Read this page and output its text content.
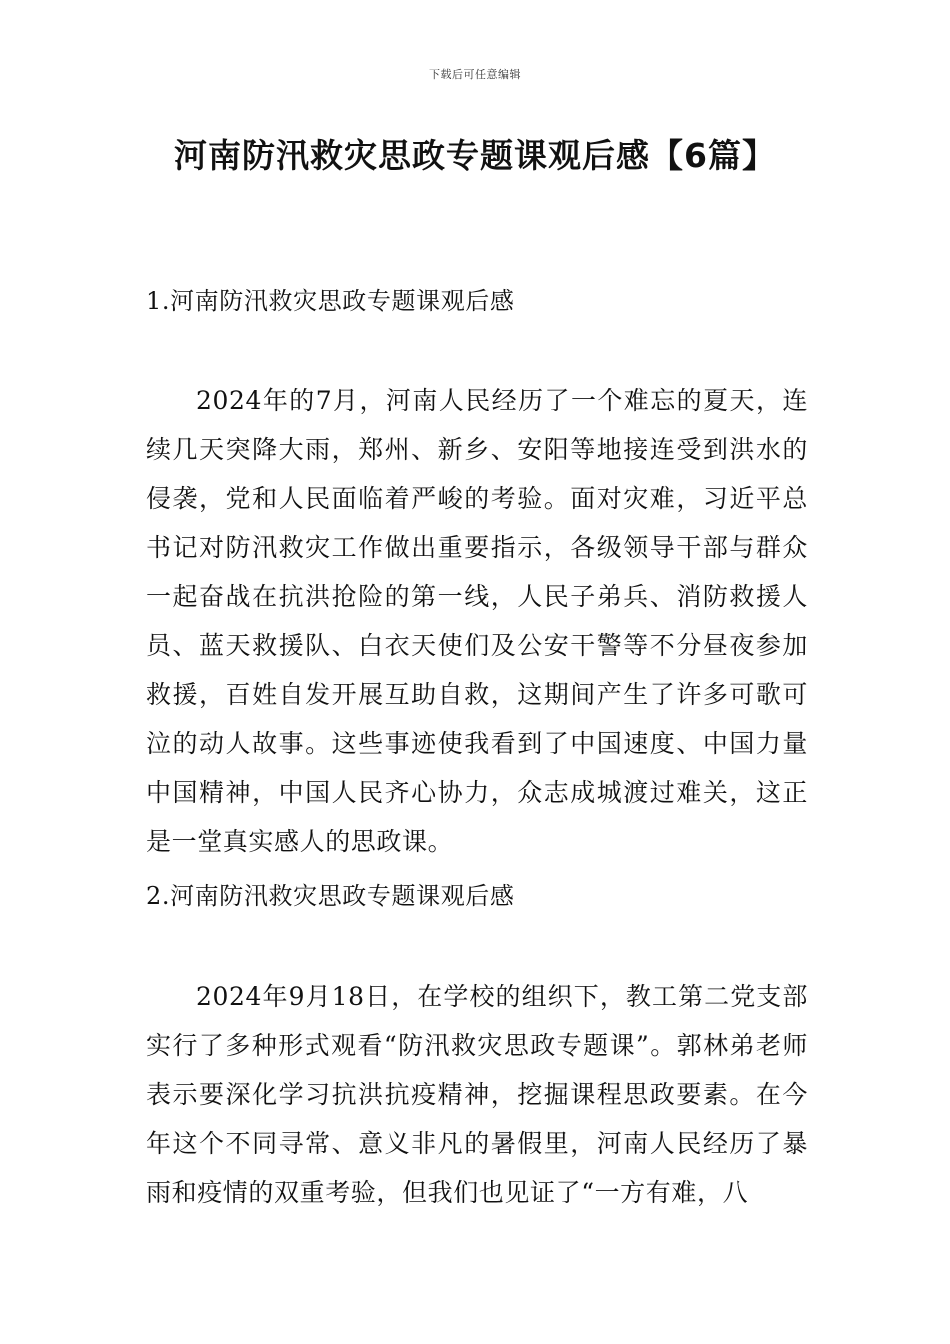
下载后可任意编辑
河南防汛救灾思政专题课观后感【6篇】

1.河南防汛救灾思政专题课观后感

2024年的7月，河南人民经历了一个难忘的夏天，连续几天突降大雨，郑州、新乡、安阳等地接连受到洪水的侵袭，党和人民面临着严峻的考验。面对灾难，习近平总书记对防汛救灾工作做出重要指示，各级领导干部与群众一起奋战在抗洪抢险的第一线，人民子弟兵、消防救援人员、蓝天救援队、白衣天使们及公安干警等不分昼夜参加救援，百姓自发开展互助自救，这期间产生了许多可歌可泣的动人故事。这些事迹使我看到了中国速度、中国力量中国精神，中国人民齐心协力，众志成城渡过难关，这正是一堂真实感人的思政课。

2.河南防汛救灾思政专题课观后感

2024年9月18日，在学校的组织下，教工第二党支部实行了多种形式观看“防汛救灾思政专题课”。郭林弟老师表示要深化学习抗洪抗疫精神，挖掘课程思政要素。在今年这个不同寻常、意义非凡的暑假里，河南人民经历了暴雨和疫情的双重考验，但我们也见证了“一方有难，八
